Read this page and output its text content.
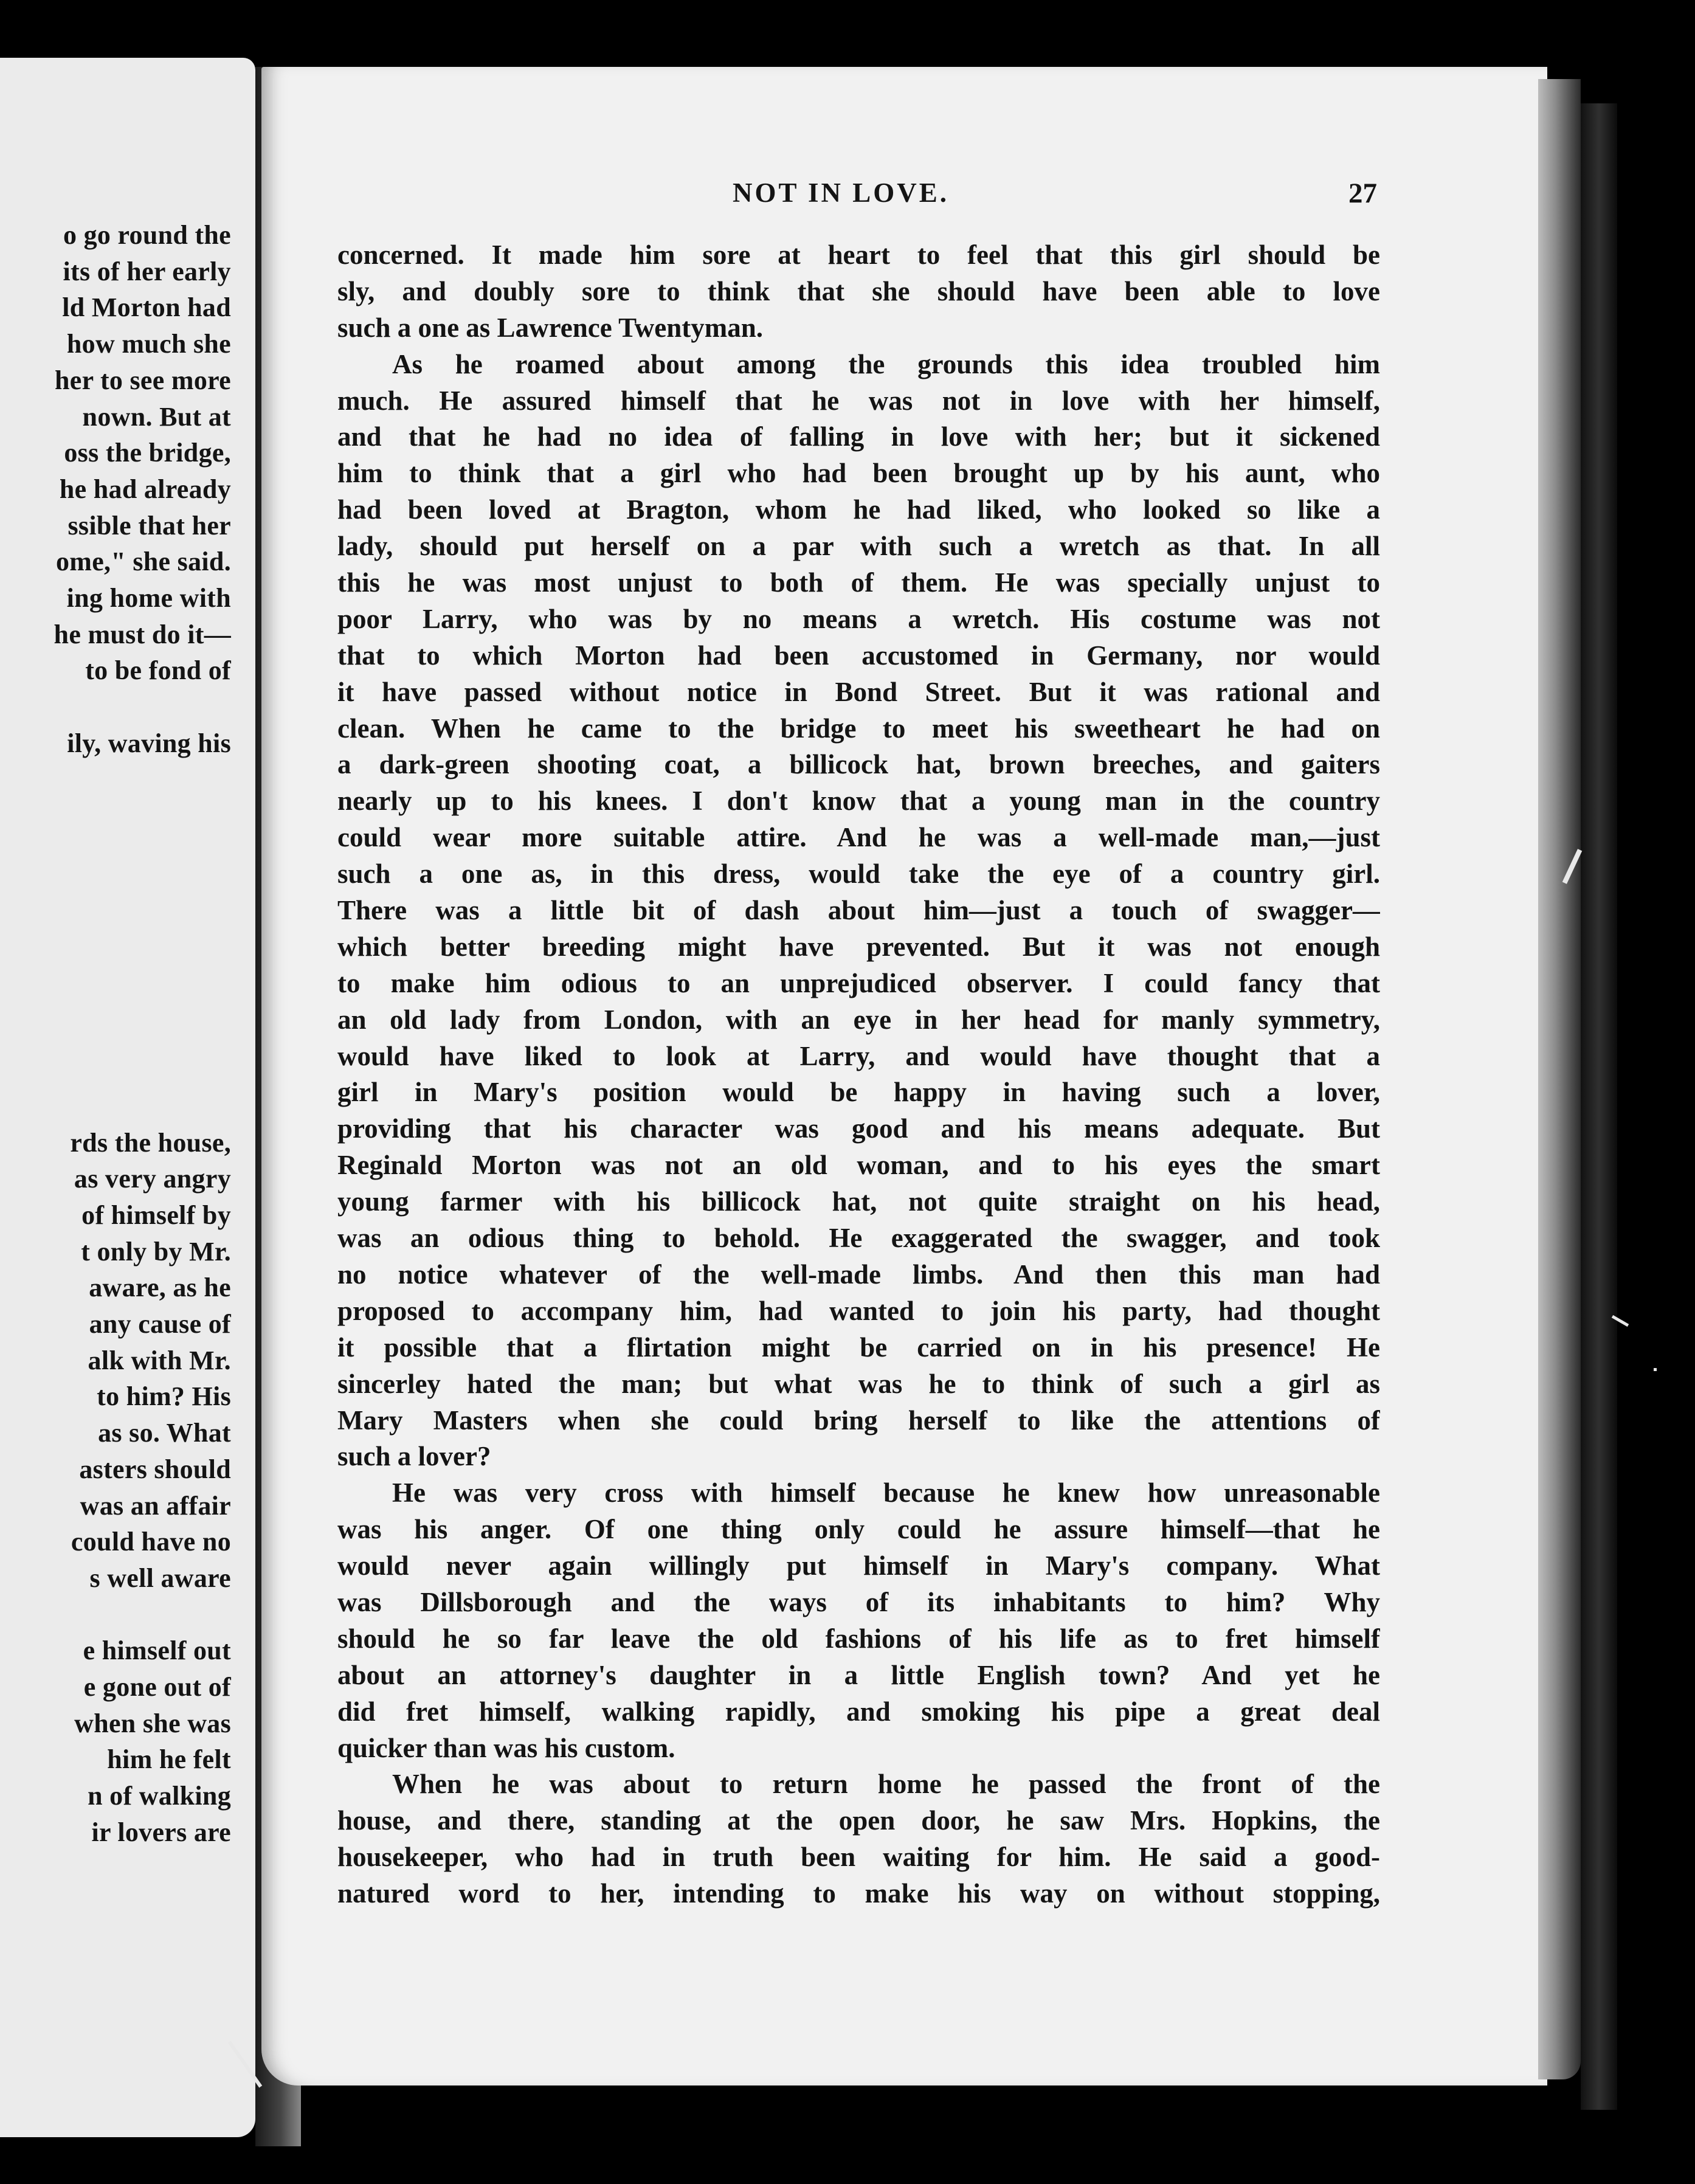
o go round the
its of her early
ld Morton had
how much she
her to see more
nown. But at
oss the bridge,
he had already
ssible that her
ome," she said.
ing home with
he must do it—
to be fond of
ily, waving his
rds the house,
as very angry
of himself by
t only by Mr.
aware, as he
any cause of
alk with Mr.
to him? His
as so. What
asters should
was an affair
could have no
s well aware
e himself out
e gone out of
when she was
him he felt
n of walking
ir lovers are
NOT IN LOVE.	27
concerned. It made him sore at heart to feel that this girl should be
sly, and doubly sore to think that she should have been able to love
such a one as Lawrence Twentyman.
As he roamed about among the grounds this idea troubled him
much. He assured himself that he was not in love with her himself,
and that he had no idea of falling in love with her; but it sickened
him to think that a girl who had been brought up by his aunt, who
had been loved at Bragton, whom he had liked, who looked so like a
lady, should put herself on a par with such a wretch as that. In all
this he was most unjust to both of them. He was specially unjust to
poor Larry, who was by no means a wretch. His costume was not
that to which Morton had been accustomed in Germany, nor would
it have passed without notice in Bond Street. But it was rational and
clean. When he came to the bridge to meet his sweetheart he had on
a dark-green shooting coat, a billicock hat, brown breeches, and gaiters
nearly up to his knees. I don't know that a young man in the country
could wear more suitable attire. And he was a well-made man,—just
such a one as, in this dress, would take the eye of a country girl.
There was a little bit of dash about him—just a touch of swagger—
which better breeding might have prevented. But it was not enough
to make him odious to an unprejudiced observer. I could fancy that
an old lady from London, with an eye in her head for manly symmetry,
would have liked to look at Larry, and would have thought that a
girl in Mary's position would be happy in having such a lover,
providing that his character was good and his means adequate. But
Reginald Morton was not an old woman, and to his eyes the smart
young farmer with his billicock hat, not quite straight on his head,
was an odious thing to behold. He exaggerated the swagger, and took
no notice whatever of the well-made limbs. And then this man had
proposed to accompany him, had wanted to join his party, had thought
it possible that a flirtation might be carried on in his presence! He
sincerley hated the man; but what was he to think of such a girl as
Mary Masters when she could bring herself to like the attentions of
such a lover?
He was very cross with himself because he knew how unreasonable
was his anger. Of one thing only could he assure himself—that he
would never again willingly put himself in Mary's company. What
was Dillsborough and the ways of its inhabitants to him? Why
should he so far leave the old fashions of his life as to fret himself
about an attorney's daughter in a little English town? And yet he
did fret himself, walking rapidly, and smoking his pipe a great deal
quicker than was his custom.
When he was about to return home he passed the front of the
house, and there, standing at the open door, he saw Mrs. Hopkins, the
housekeeper, who had in truth been waiting for him. He said a good-
natured word to her, intending to make his way on without stopping,
